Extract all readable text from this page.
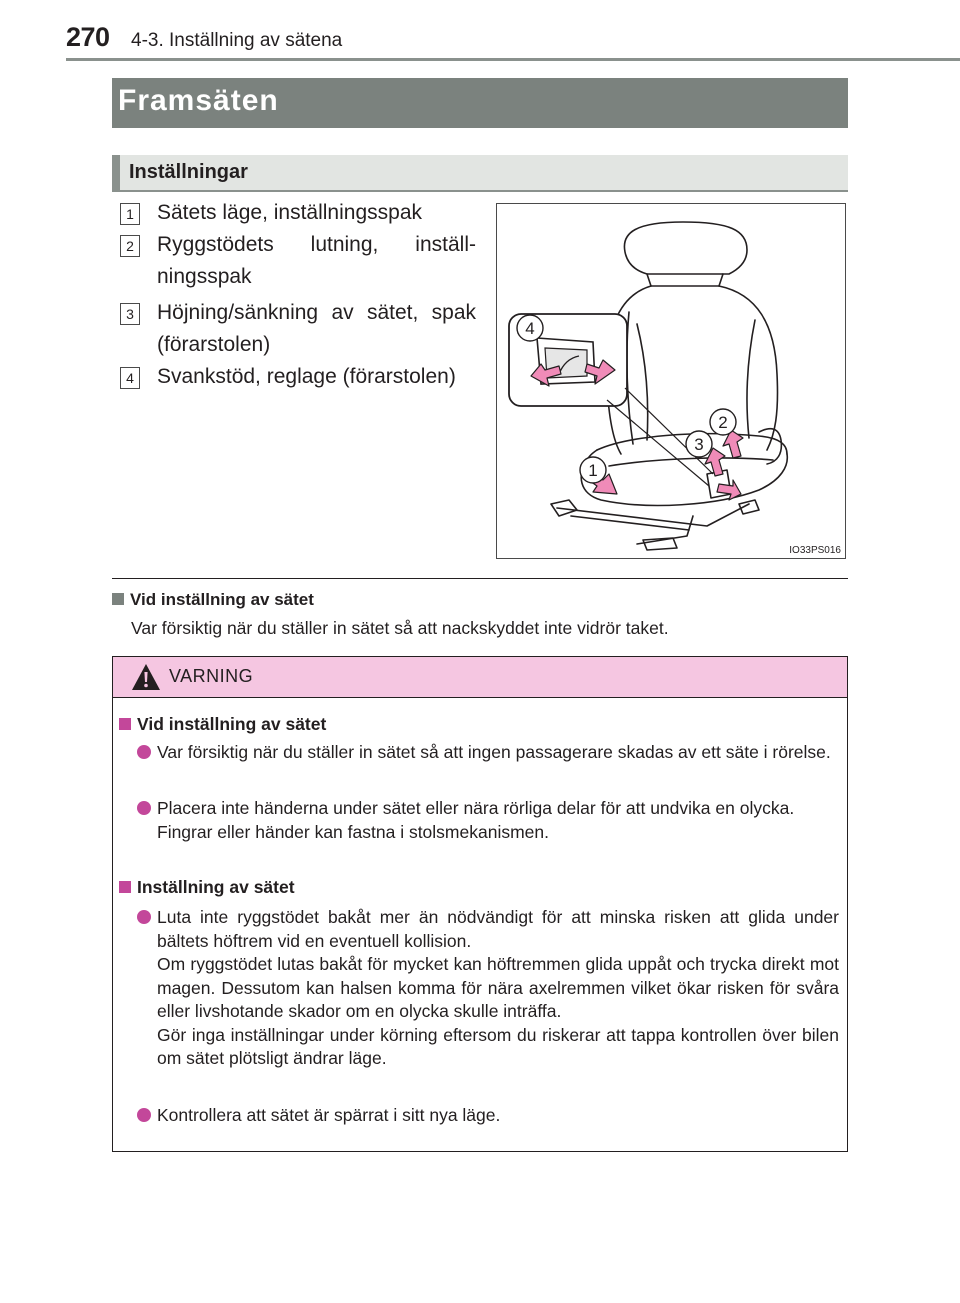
270 4-3. Inställning av sätena
Framsäten
Inställningar
1 Sätets läge, inställningsspak
2 Ryggstödets lutning, inställningsspak
3 Höjning/sänkning av sätet, spak (förarstolen)
4 Svankstöd, reglage (förarstolen)
4
2
3
1
IO33PS016
Vid inställning av sätet
Var försiktig när du ställer in sätet så att nackskyddet inte vidrör taket.
VARNING
Vid inställning av sätet
Var försiktig när du ställer in sätet så att ingen passagerare skadas av ett säte i rörelse.
Placera inte händerna under sätet eller nära rörliga delar för att undvika en olycka.
Fingrar eller händer kan fastna i stolsmekanismen.
Inställning av sätet
Luta inte ryggstödet bakåt mer än nödvändigt för att minska risken att glida under bältets höftrem vid en eventuell kollision.
Om ryggstödet lutas bakåt för mycket kan höftremmen glida uppåt och trycka direkt mot magen. Dessutom kan halsen komma för nära axelremmen vilket ökar risken för svåra eller livshotande skador om en olycka skulle inträffa.
Gör inga inställningar under körning eftersom du riskerar att tappa kontrollen över bilen om sätet plötsligt ändrar läge.
Kontrollera att sätet är spärrat i sitt nya läge.
